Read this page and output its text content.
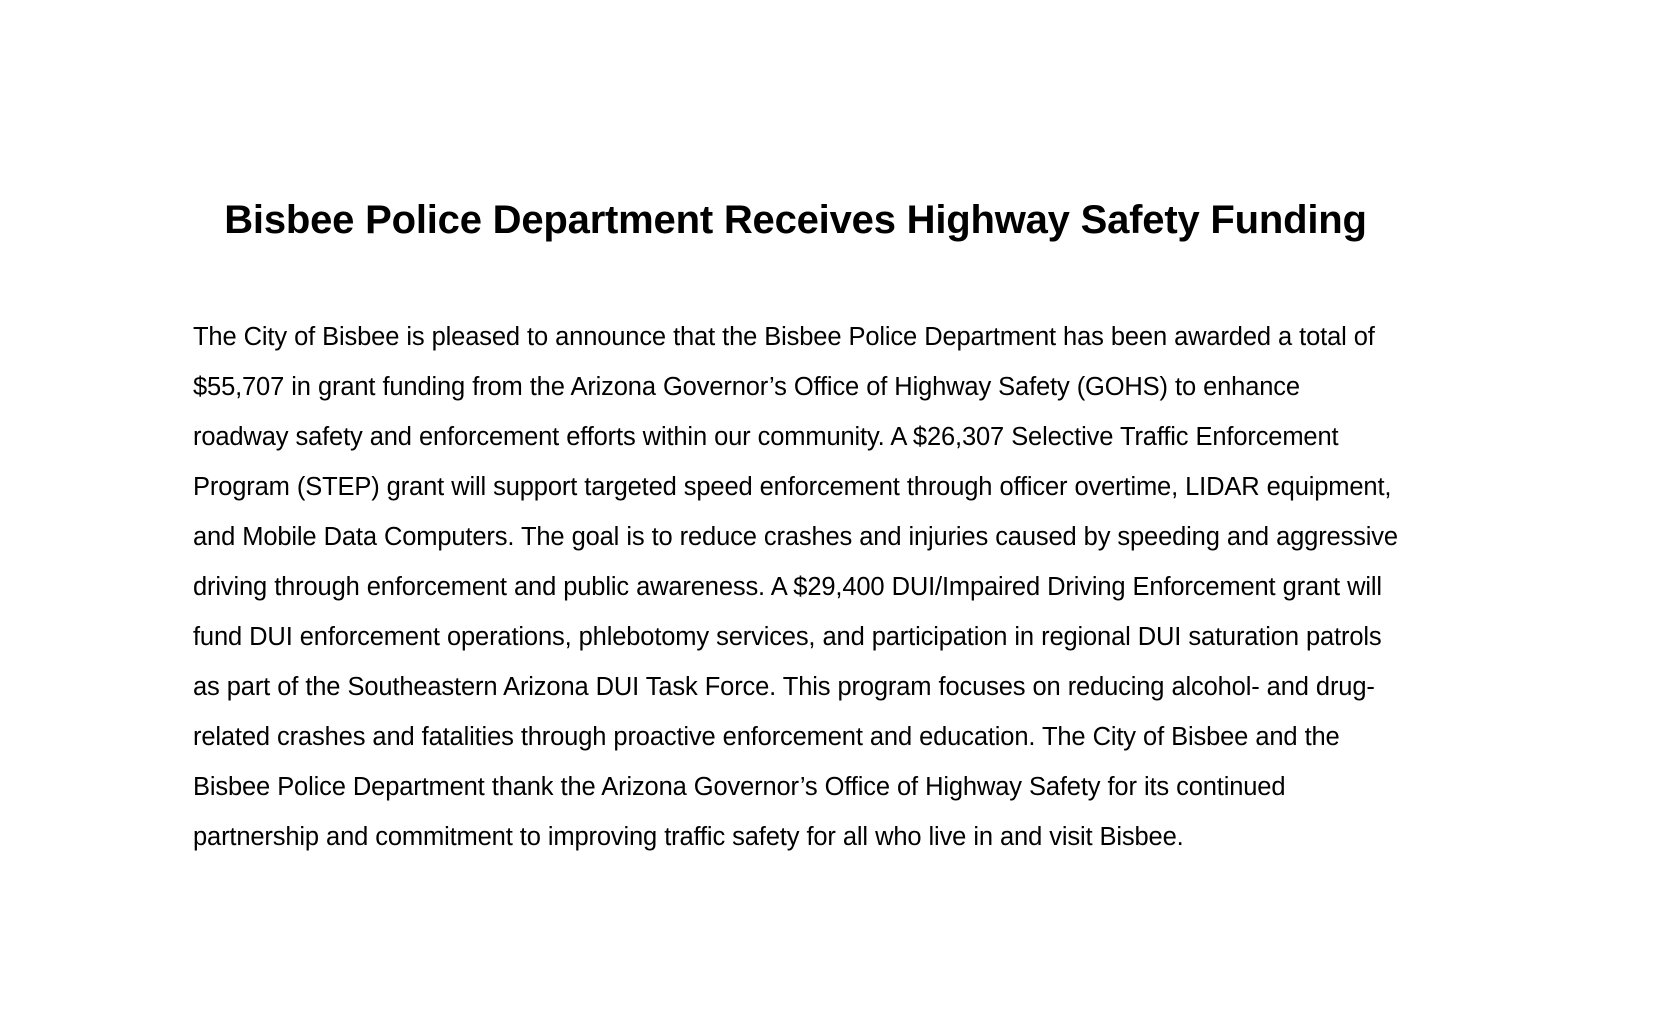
Bisbee Police Department Receives Highway Safety Funding

The City of Bisbee is pleased to announce that the Bisbee Police Department has been awarded a total of $55,707 in grant funding from the Arizona Governor’s Office of Highway Safety (GOHS) to enhance roadway safety and enforcement efforts within our community. A $26,307 Selective Traffic Enforcement Program (STEP) grant will support targeted speed enforcement through officer overtime, LIDAR equipment, and Mobile Data Computers. The goal is to reduce crashes and injuries caused by speeding and aggressive driving through enforcement and public awareness. A $29,400 DUI/Impaired Driving Enforcement grant will fund DUI enforcement operations, phlebotomy services, and participation in regional DUI saturation patrols as part of the Southeastern Arizona DUI Task Force. This program focuses on reducing alcohol- and drug-related crashes and fatalities through proactive enforcement and education. The City of Bisbee and the Bisbee Police Department thank the Arizona Governor’s Office of Highway Safety for its continued partnership and commitment to improving traffic safety for all who live in and visit Bisbee.
